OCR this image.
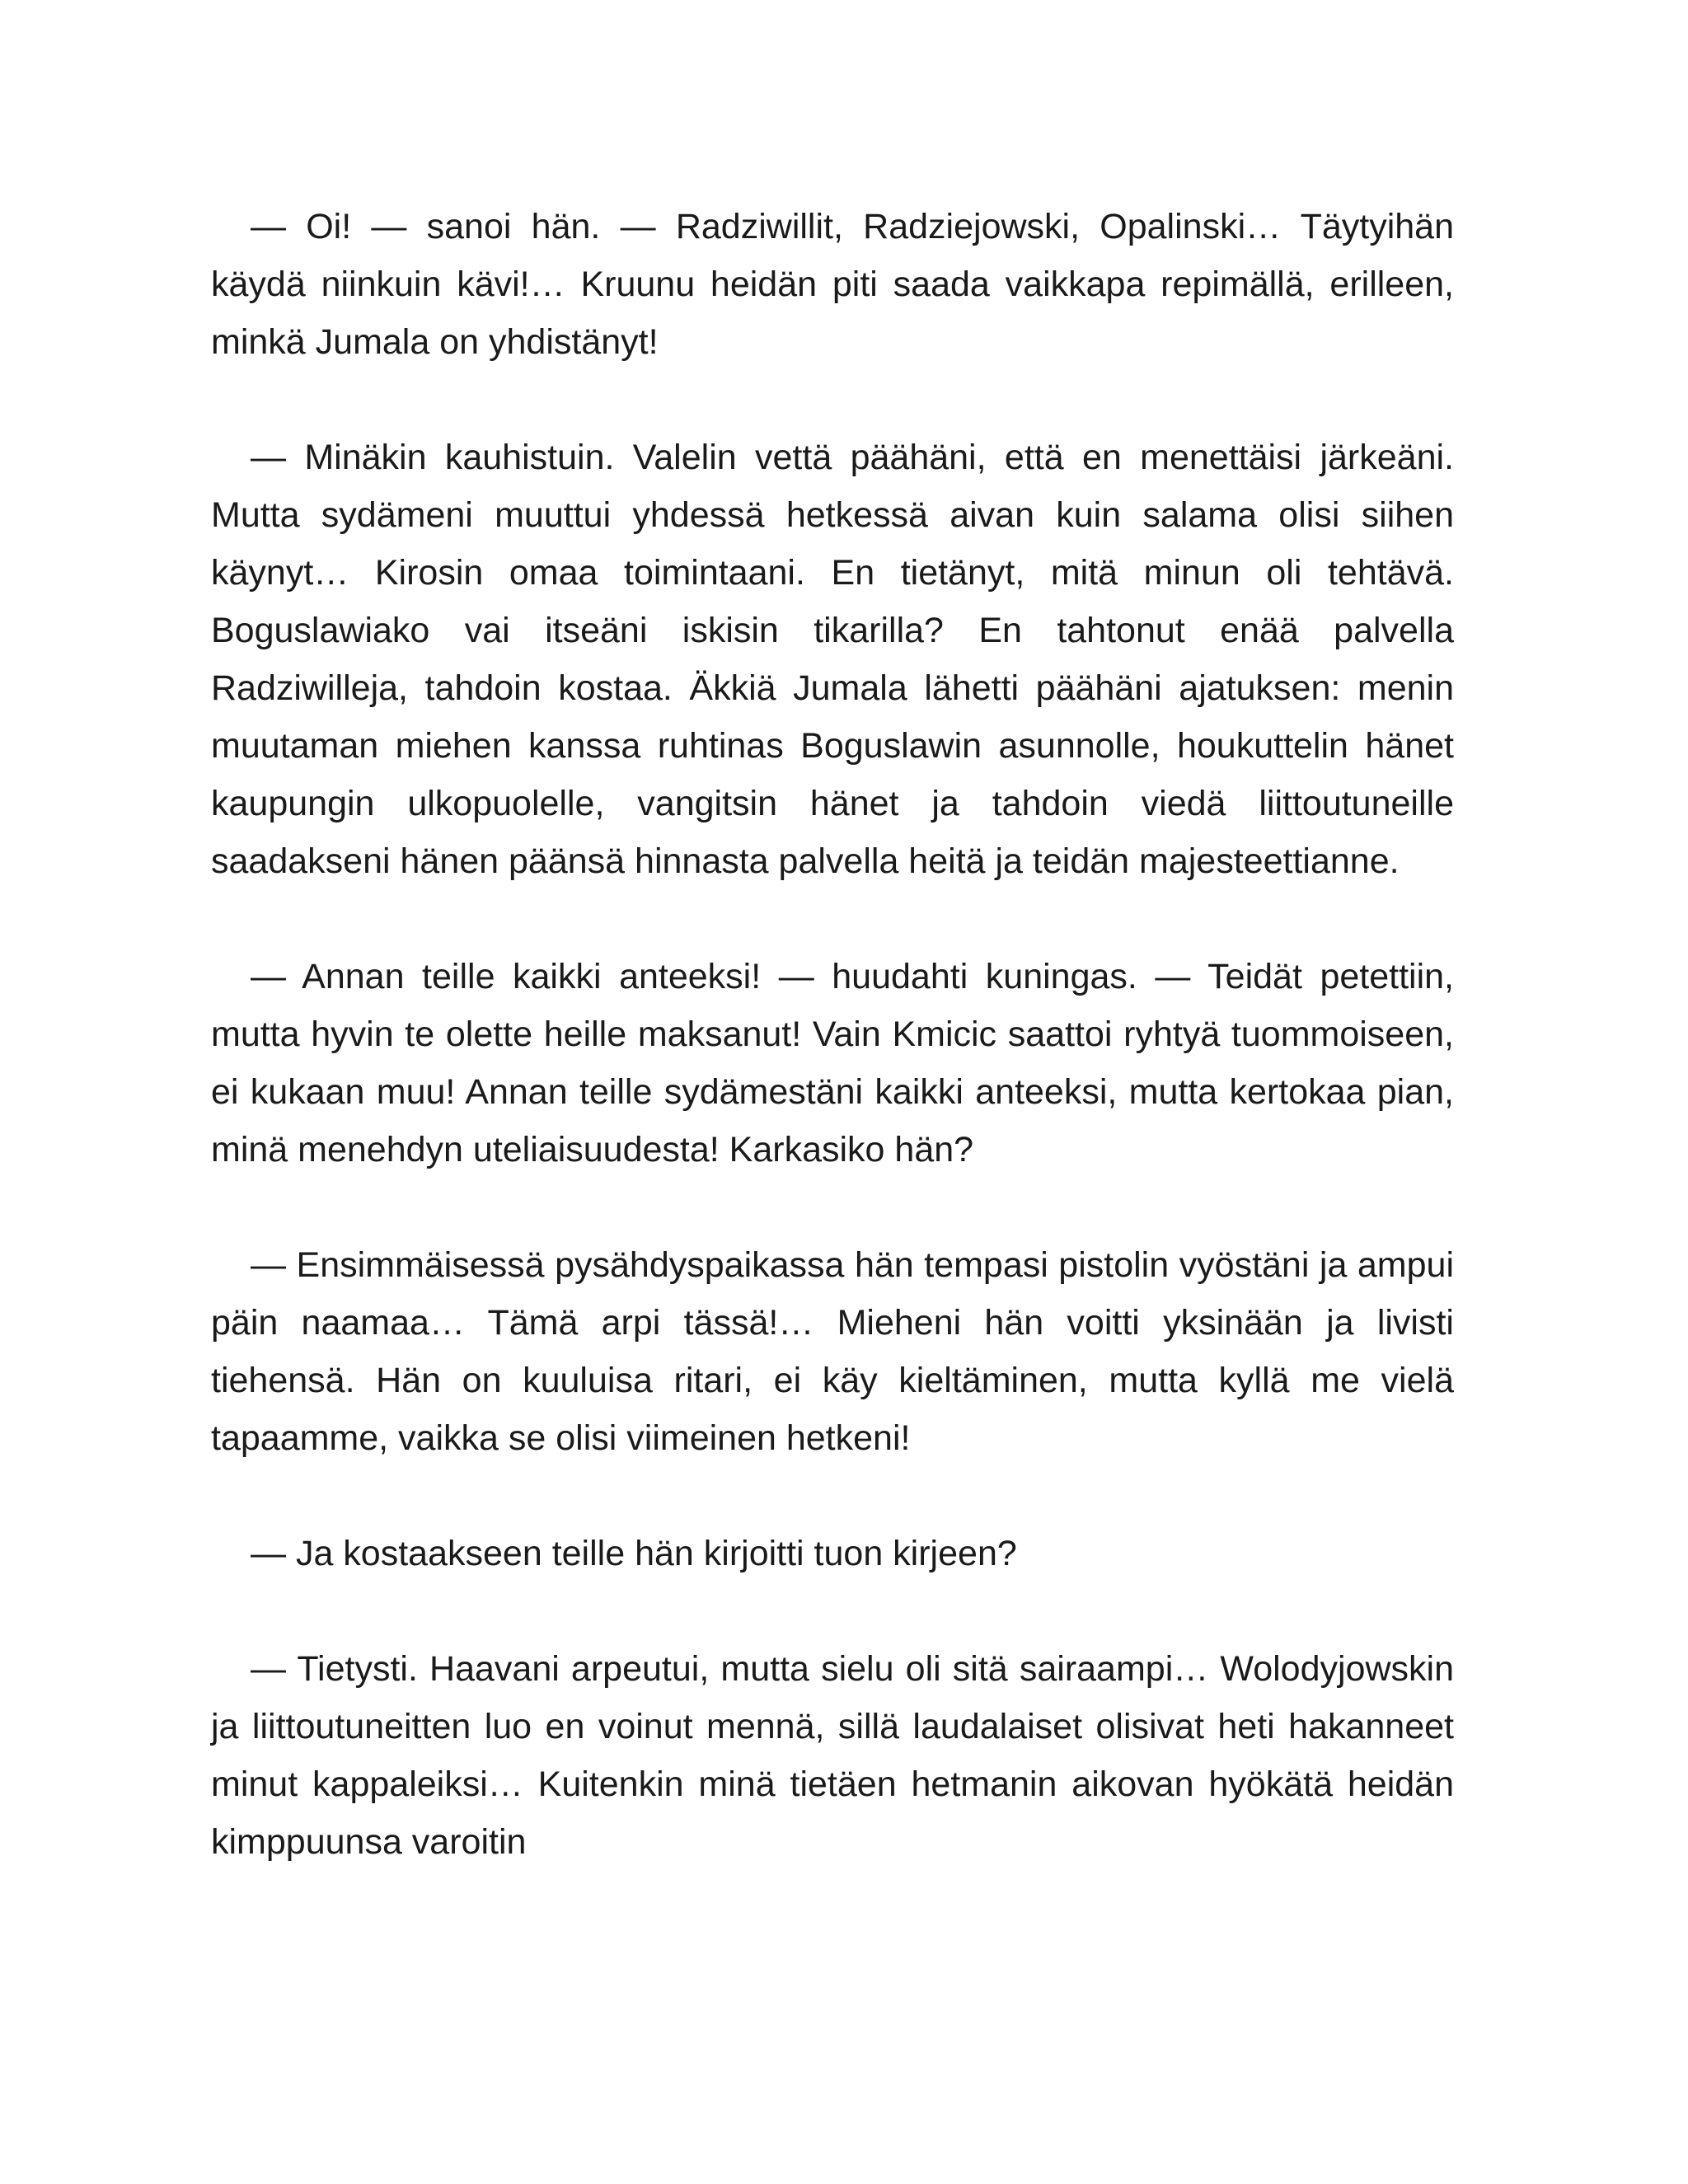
— Oi! — sanoi hän. — Radziwillit, Radziejowski, Opalinski… Täytyihän käydä niinkuin kävi!… Kruunu heidän piti saada vaikkapa repimällä, erilleen, minkä Jumala on yhdistänyt!

— Minäkin kauhistuin. Valelin vettä päähäni, että en menettäisi järkeäni. Mutta sydämeni muuttui yhdessä hetkessä aivan kuin salama olisi siihen käynyt… Kirosin omaa toimintaani. En tietänyt, mitä minun oli tehtävä. Boguslawiako vai itseäni iskisin tikarilla? En tahtonut enää palvella Radziwilleja, tahdoin kostaa. Äkkiä Jumala lähetti päähäni ajatuksen: menin muutaman miehen kanssa ruhtinas Boguslawin asunnolle, houkuttelin hänet kaupungin ulkopuolelle, vangitsin hänet ja tahdoin viedä liittoutuneille saadakseni hänen päänsä hinnasta palvella heitä ja teidän majesteettianne.

— Annan teille kaikki anteeksi! — huudahti kuningas. — Teidät petettiin, mutta hyvin te olette heille maksanut! Vain Kmicic saattoi ryhtyä tuommoiseen, ei kukaan muu! Annan teille sydämestäni kaikki anteeksi, mutta kertokaa pian, minä menehdyn uteliaisuudesta! Karkasiko hän?

— Ensimmäisessä pysähdyspaikassa hän tempasi pistolin vyöstäni ja ampui päin naamaa… Tämä arpi tässä!… Mieheni hän voitti yksinään ja livisti tiehensä. Hän on kuuluisa ritari, ei käy kieltäminen, mutta kyllä me vielä tapaamme, vaikka se olisi viimeinen hetkeni!

— Ja kostaakseen teille hän kirjoitti tuon kirjeen?

— Tietysti. Haavani arpeutui, mutta sielu oli sitä sairaampi… Wolodyjowskin ja liittoutuneitten luo en voinut mennä, sillä laudalaiset olisivat heti hakanneet minut kappaleiksi… Kuitenkin minä tietäen hetmanin aikovan hyökätä heidän kimppuunsa varoitin
